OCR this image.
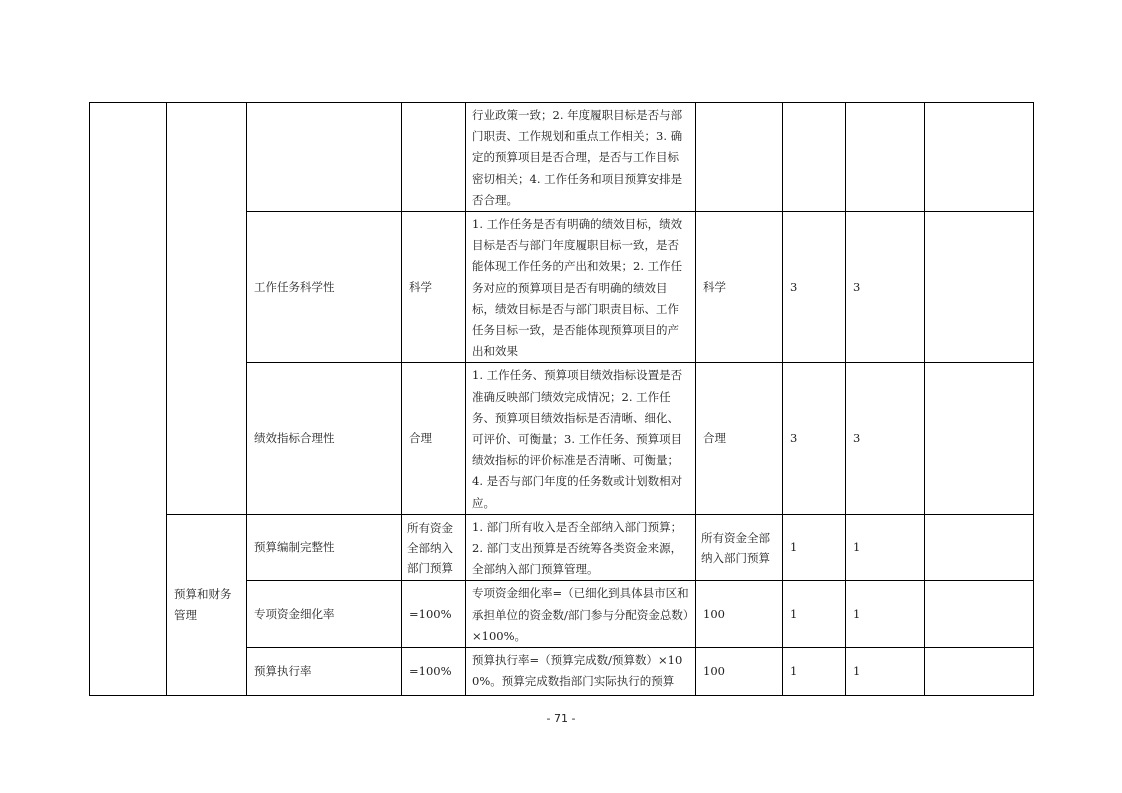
				行业政策一致；2. 年度履职目标是否与部门职责、工作规划和重点工作相关；3. 确定的预算项目是否合理，是否与工作目标密切相关；4. 工作任务和项目预算安排是否合理。				
		工作任务科学性	科学	1. 工作任务是否有明确的绩效目标，绩效目标是否与部门年度履职目标一致，是否能体现工作任务的产出和效果；2. 工作任务对应的预算项目是否有明确的绩效目标，绩效目标是否与部门职责目标、工作任务目标一致，是否能体现预算项目的产出和效果	科学	3	3	
		绩效指标合理性	合理	1. 工作任务、预算项目绩效指标设置是否准确反映部门绩效完成情况；2. 工作任务、预算项目绩效指标是否清晰、细化、可评价、可衡量；3. 工作任务、预算项目绩效指标的评价标准是否清晰、可衡量；4. 是否与部门年度的任务数或计划数相对应。	合理	3	3	
	预算和财务管理	预算编制完整性	所有资金全部纳入部门预算	1. 部门所有收入是否全部纳入部门预算；2. 部门支出预算是否统筹各类资金来源，全部纳入部门预算管理。	所有资金全部纳入部门预算	1	1	
		专项资金细化率	=100%	专项资金细化率=（已细化到具体县市区和承担单位的资金数/部门参与分配资金总数）×100%。	100	1	1	
		预算执行率	=100%	预算执行率=（预算完成数/预算数）×100%。预算完成数指部门实际执行的预算	100	1	1	
- 71 -
